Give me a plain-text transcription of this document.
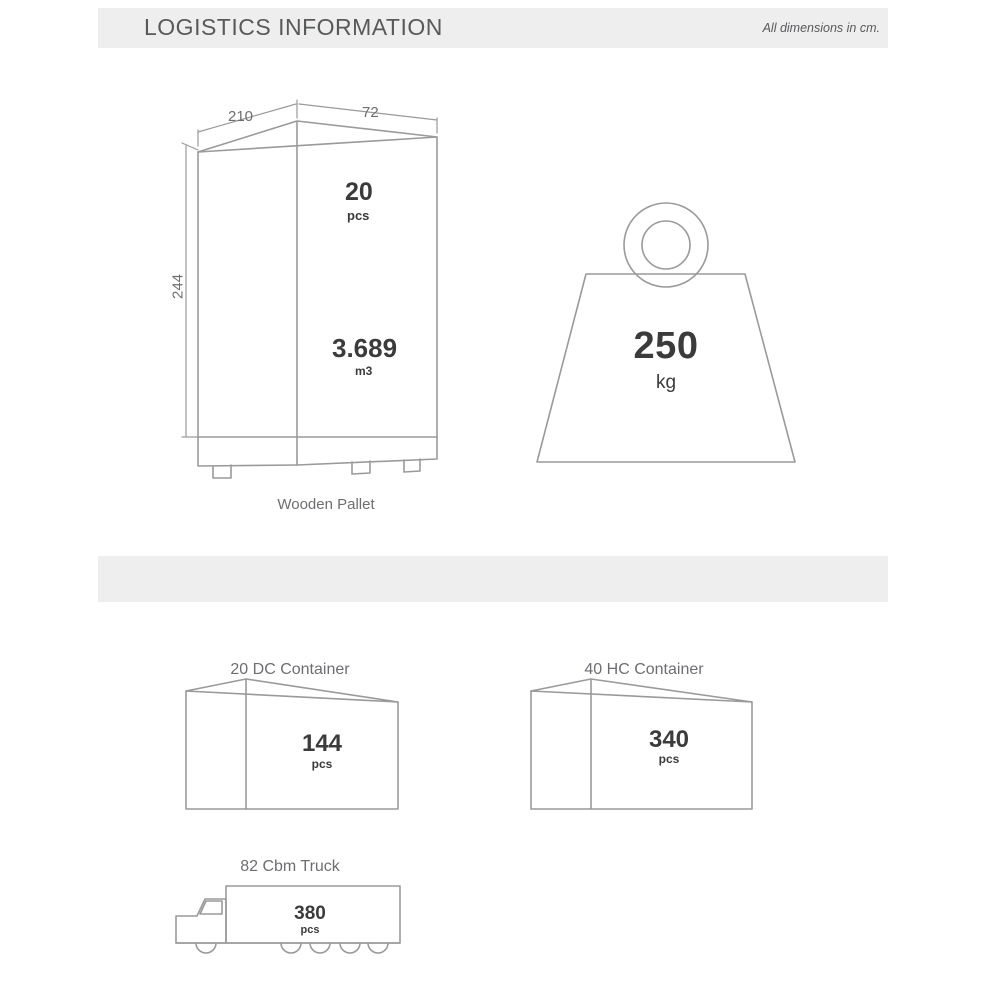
LOGISTICS INFORMATION	All dimensions in cm.
210	72
244
20
pcs
3.689
m3
Wooden Pallet
250
kg
20 DC Container
144
pcs
40 HC Container
340
pcs
82 Cbm Truck
380
pcs
